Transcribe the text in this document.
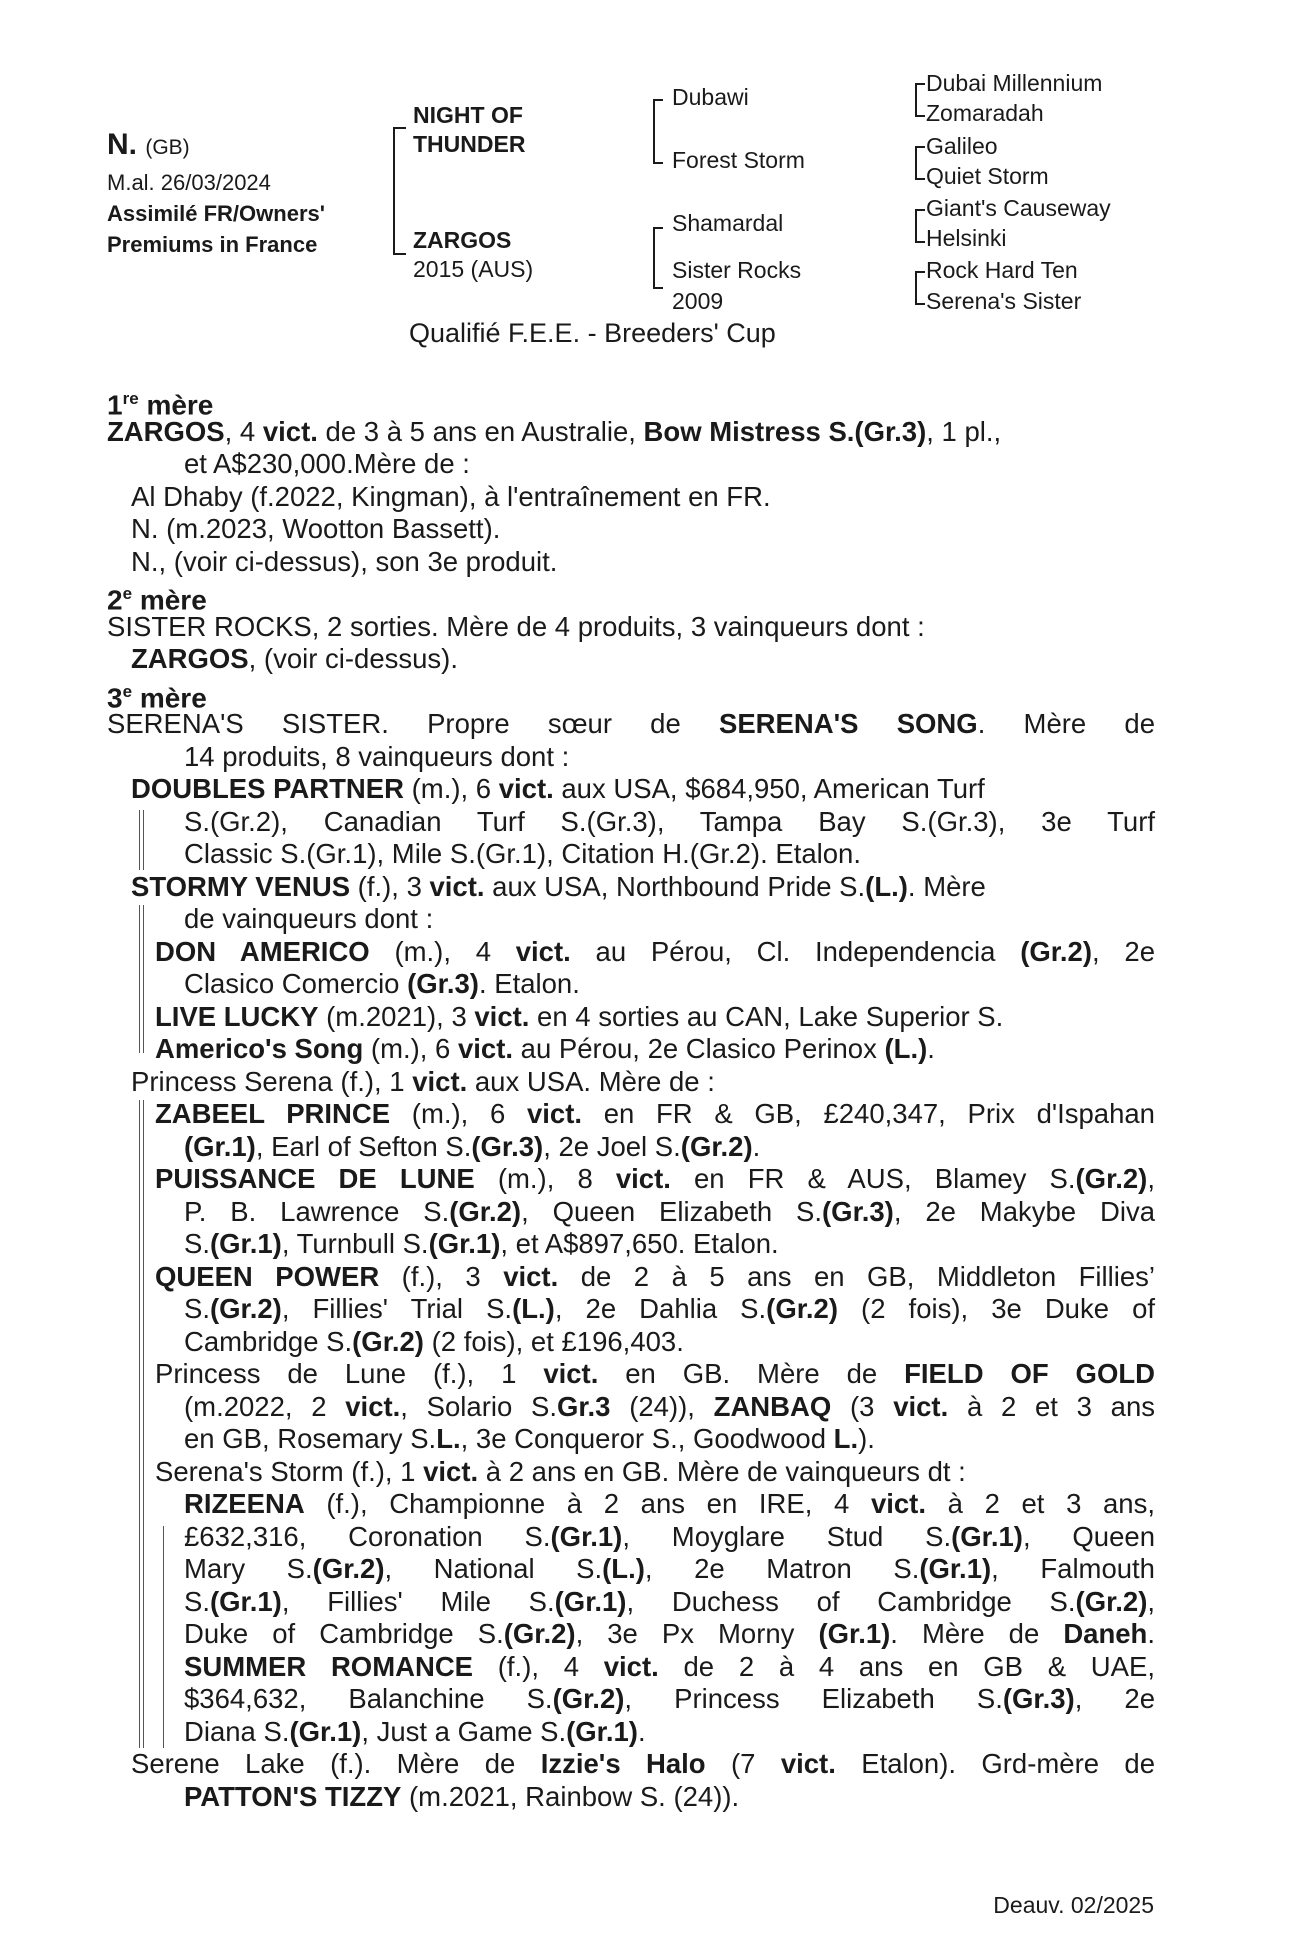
N. (GB)
M.al. 26/03/2024
Assimilé FR/Owners'
Premiums in France
NIGHT OF
THUNDER
ZARGOS
2015 (AUS)
Dubawi
Forest Storm
Shamardal
Sister Rocks
2009
Dubai Millennium
Zomaradah
Galileo
Quiet Storm
Giant's Causeway
Helsinki
Rock Hard Ten
Serena's Sister
Qualifié F.E.E. - Breeders' Cup
1re mère
ZARGOS, 4 vict. de 3 à 5 ans en Australie, Bow Mistress S.(Gr.3), 1 pl.,
et A$230,000.Mère de :
Al Dhaby (f.2022, Kingman), à l'entraînement en FR.
N. (m.2023, Wootton Bassett).
N., (voir ci-dessus), son 3e produit.
2e mère
SISTER ROCKS, 2 sorties. Mère de 4 produits, 3 vainqueurs dont :
ZARGOS, (voir ci-dessus).
3e mère
SERENA'S SISTER. Propre sœur de SERENA'S SONG. Mère de
14 produits, 8 vainqueurs dont :
DOUBLES PARTNER (m.), 6 vict. aux USA, $684,950, American Turf
S.(Gr.2), Canadian Turf S.(Gr.3), Tampa Bay S.(Gr.3), 3e Turf
Classic S.(Gr.1), Mile S.(Gr.1), Citation H.(Gr.2). Etalon.
STORMY VENUS (f.), 3 vict. aux USA, Northbound Pride S.(L.). Mère
de vainqueurs dont :
DON AMERICO (m.), 4 vict. au Pérou, Cl. Independencia (Gr.2), 2e
Clasico Comercio (Gr.3). Etalon.
LIVE LUCKY (m.2021), 3 vict. en 4 sorties au CAN, Lake Superior S.
Americo's Song (m.), 6 vict. au Pérou, 2e Clasico Perinox (L.).
Princess Serena (f.), 1 vict. aux USA. Mère de :
ZABEEL PRINCE (m.), 6 vict. en FR & GB, £240,347, Prix d'Ispahan
(Gr.1), Earl of Sefton S.(Gr.3), 2e Joel S.(Gr.2).
PUISSANCE DE LUNE (m.), 8 vict. en FR & AUS, Blamey S.(Gr.2),
P. B. Lawrence S.(Gr.2), Queen Elizabeth S.(Gr.3), 2e Makybe Diva
S.(Gr.1), Turnbull S.(Gr.1), et A$897,650. Etalon.
QUEEN POWER (f.), 3 vict. de 2 à 5 ans en GB, Middleton Fillies’
S.(Gr.2), Fillies' Trial S.(L.), 2e Dahlia S.(Gr.2) (2 fois), 3e Duke of
Cambridge S.(Gr.2) (2 fois), et £196,403.
Princess de Lune (f.), 1 vict. en GB. Mère de FIELD OF GOLD
(m.2022, 2 vict., Solario S.Gr.3 (24)), ZANBAQ (3 vict. à 2 et 3 ans
en GB, Rosemary S.L., 3e Conqueror S., Goodwood L.).
Serena's Storm (f.), 1 vict. à 2 ans en GB. Mère de vainqueurs dt :
RIZEENA (f.), Championne à 2 ans en IRE, 4 vict. à 2 et 3 ans,
£632,316, Coronation S.(Gr.1), Moyglare Stud S.(Gr.1), Queen
Mary S.(Gr.2), National S.(L.), 2e Matron S.(Gr.1), Falmouth
S.(Gr.1), Fillies' Mile S.(Gr.1), Duchess of Cambridge S.(Gr.2),
Duke of Cambridge S.(Gr.2), 3e Px Morny (Gr.1). Mère de Daneh.
SUMMER ROMANCE (f.), 4 vict. de 2 à 4 ans en GB & UAE,
$364,632, Balanchine S.(Gr.2), Princess Elizabeth S.(Gr.3), 2e
Diana S.(Gr.1), Just a Game S.(Gr.1).
Serene Lake (f.). Mère de Izzie's Halo (7 vict. Etalon). Grd-mère de
PATTON'S TIZZY (m.2021, Rainbow S. (24)).
Deauv. 02/2025
